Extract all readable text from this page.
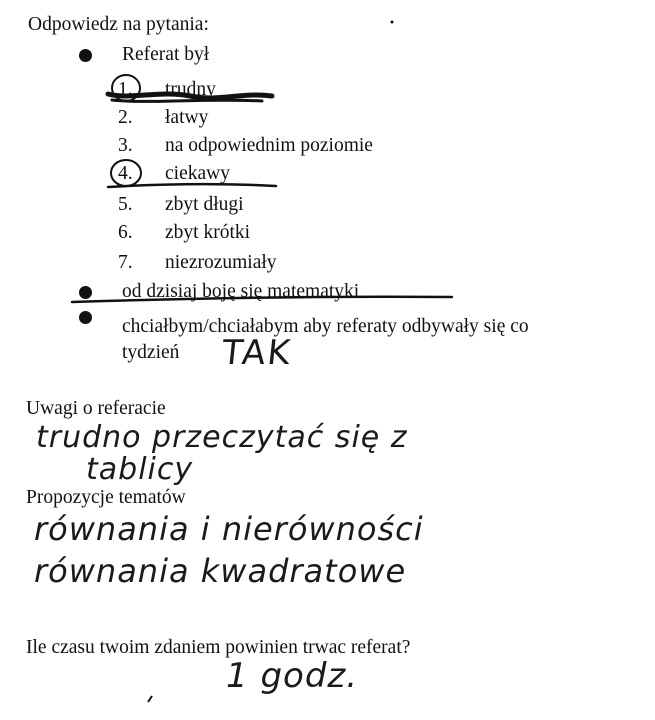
Odpowiedz na pytania:
Referat był
1. trudny
2. łatwy
3. na odpowiednim poziomie
4. ciekawy
5. zbyt długi
6. zbyt krótki
7. niezrozumiały
od dzisiaj boję się matematyki
chciałbym/chciałabym aby referaty odbywały się co
tydzień TAK
Uwagi o referacie
trudno przeczytać się z
tablicy
Propozycje tematów
równania i nierówności
równania kwadratowe
Ile czasu twoim zdaniem powinien trwac referat?
1 godz.
